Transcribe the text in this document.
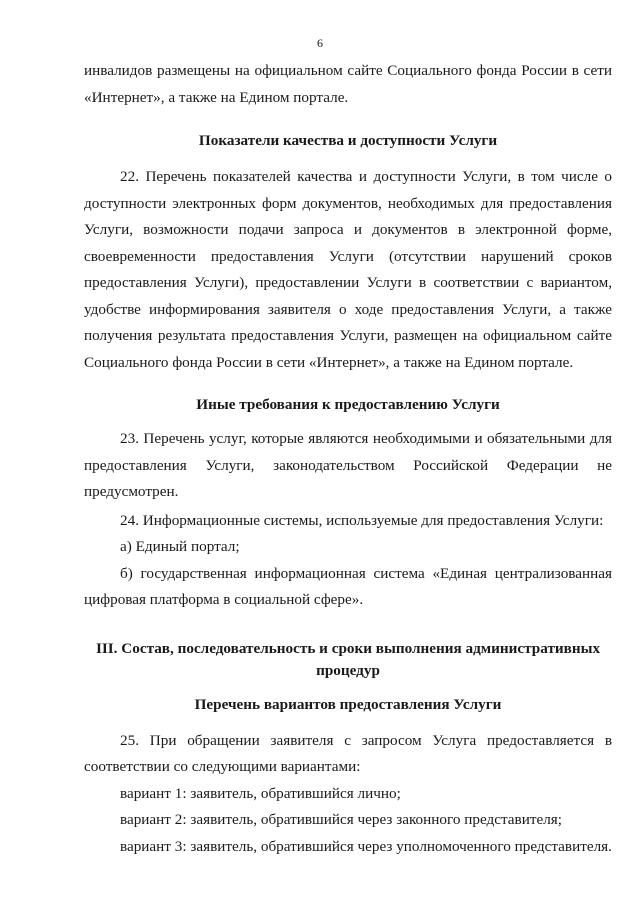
6

инвалидов размещены на официальном сайте Социального фонда России в сети «Интернет», а также на Едином портале.

Показатели качества и доступности Услуги

22. Перечень показателей качества и доступности Услуги, в том числе о доступности электронных форм документов, необходимых для предоставления Услуги, возможности подачи запроса и документов в электронной форме, своевременности предоставления Услуги (отсутствии нарушений сроков предоставления Услуги), предоставлении Услуги в соответствии с вариантом, удобстве информирования заявителя о ходе предоставления Услуги, а также получения результата предоставления Услуги, размещен на официальном сайте Социального фонда России в сети «Интернет», а также на Едином портале.

Иные требования к предоставлению Услуги

23. Перечень услуг, которые являются необходимыми и обязательными для предоставления Услуги, законодательством Российской Федерации не предусмотрен.

24. Информационные системы, используемые для предоставления Услуги:

а) Единый портал;

б) государственная информационная система «Единая централизованная цифровая платформа в социальной сфере».

III. Состав, последовательность и сроки выполнения административных процедур
Перечень вариантов предоставления Услуги

25. При обращении заявителя с запросом Услуга предоставляется в соответствии со следующими вариантами:

вариант 1: заявитель, обратившийся лично;

вариант 2: заявитель, обратившийся через законного представителя;

вариант 3: заявитель, обратившийся через уполномоченного представителя.
